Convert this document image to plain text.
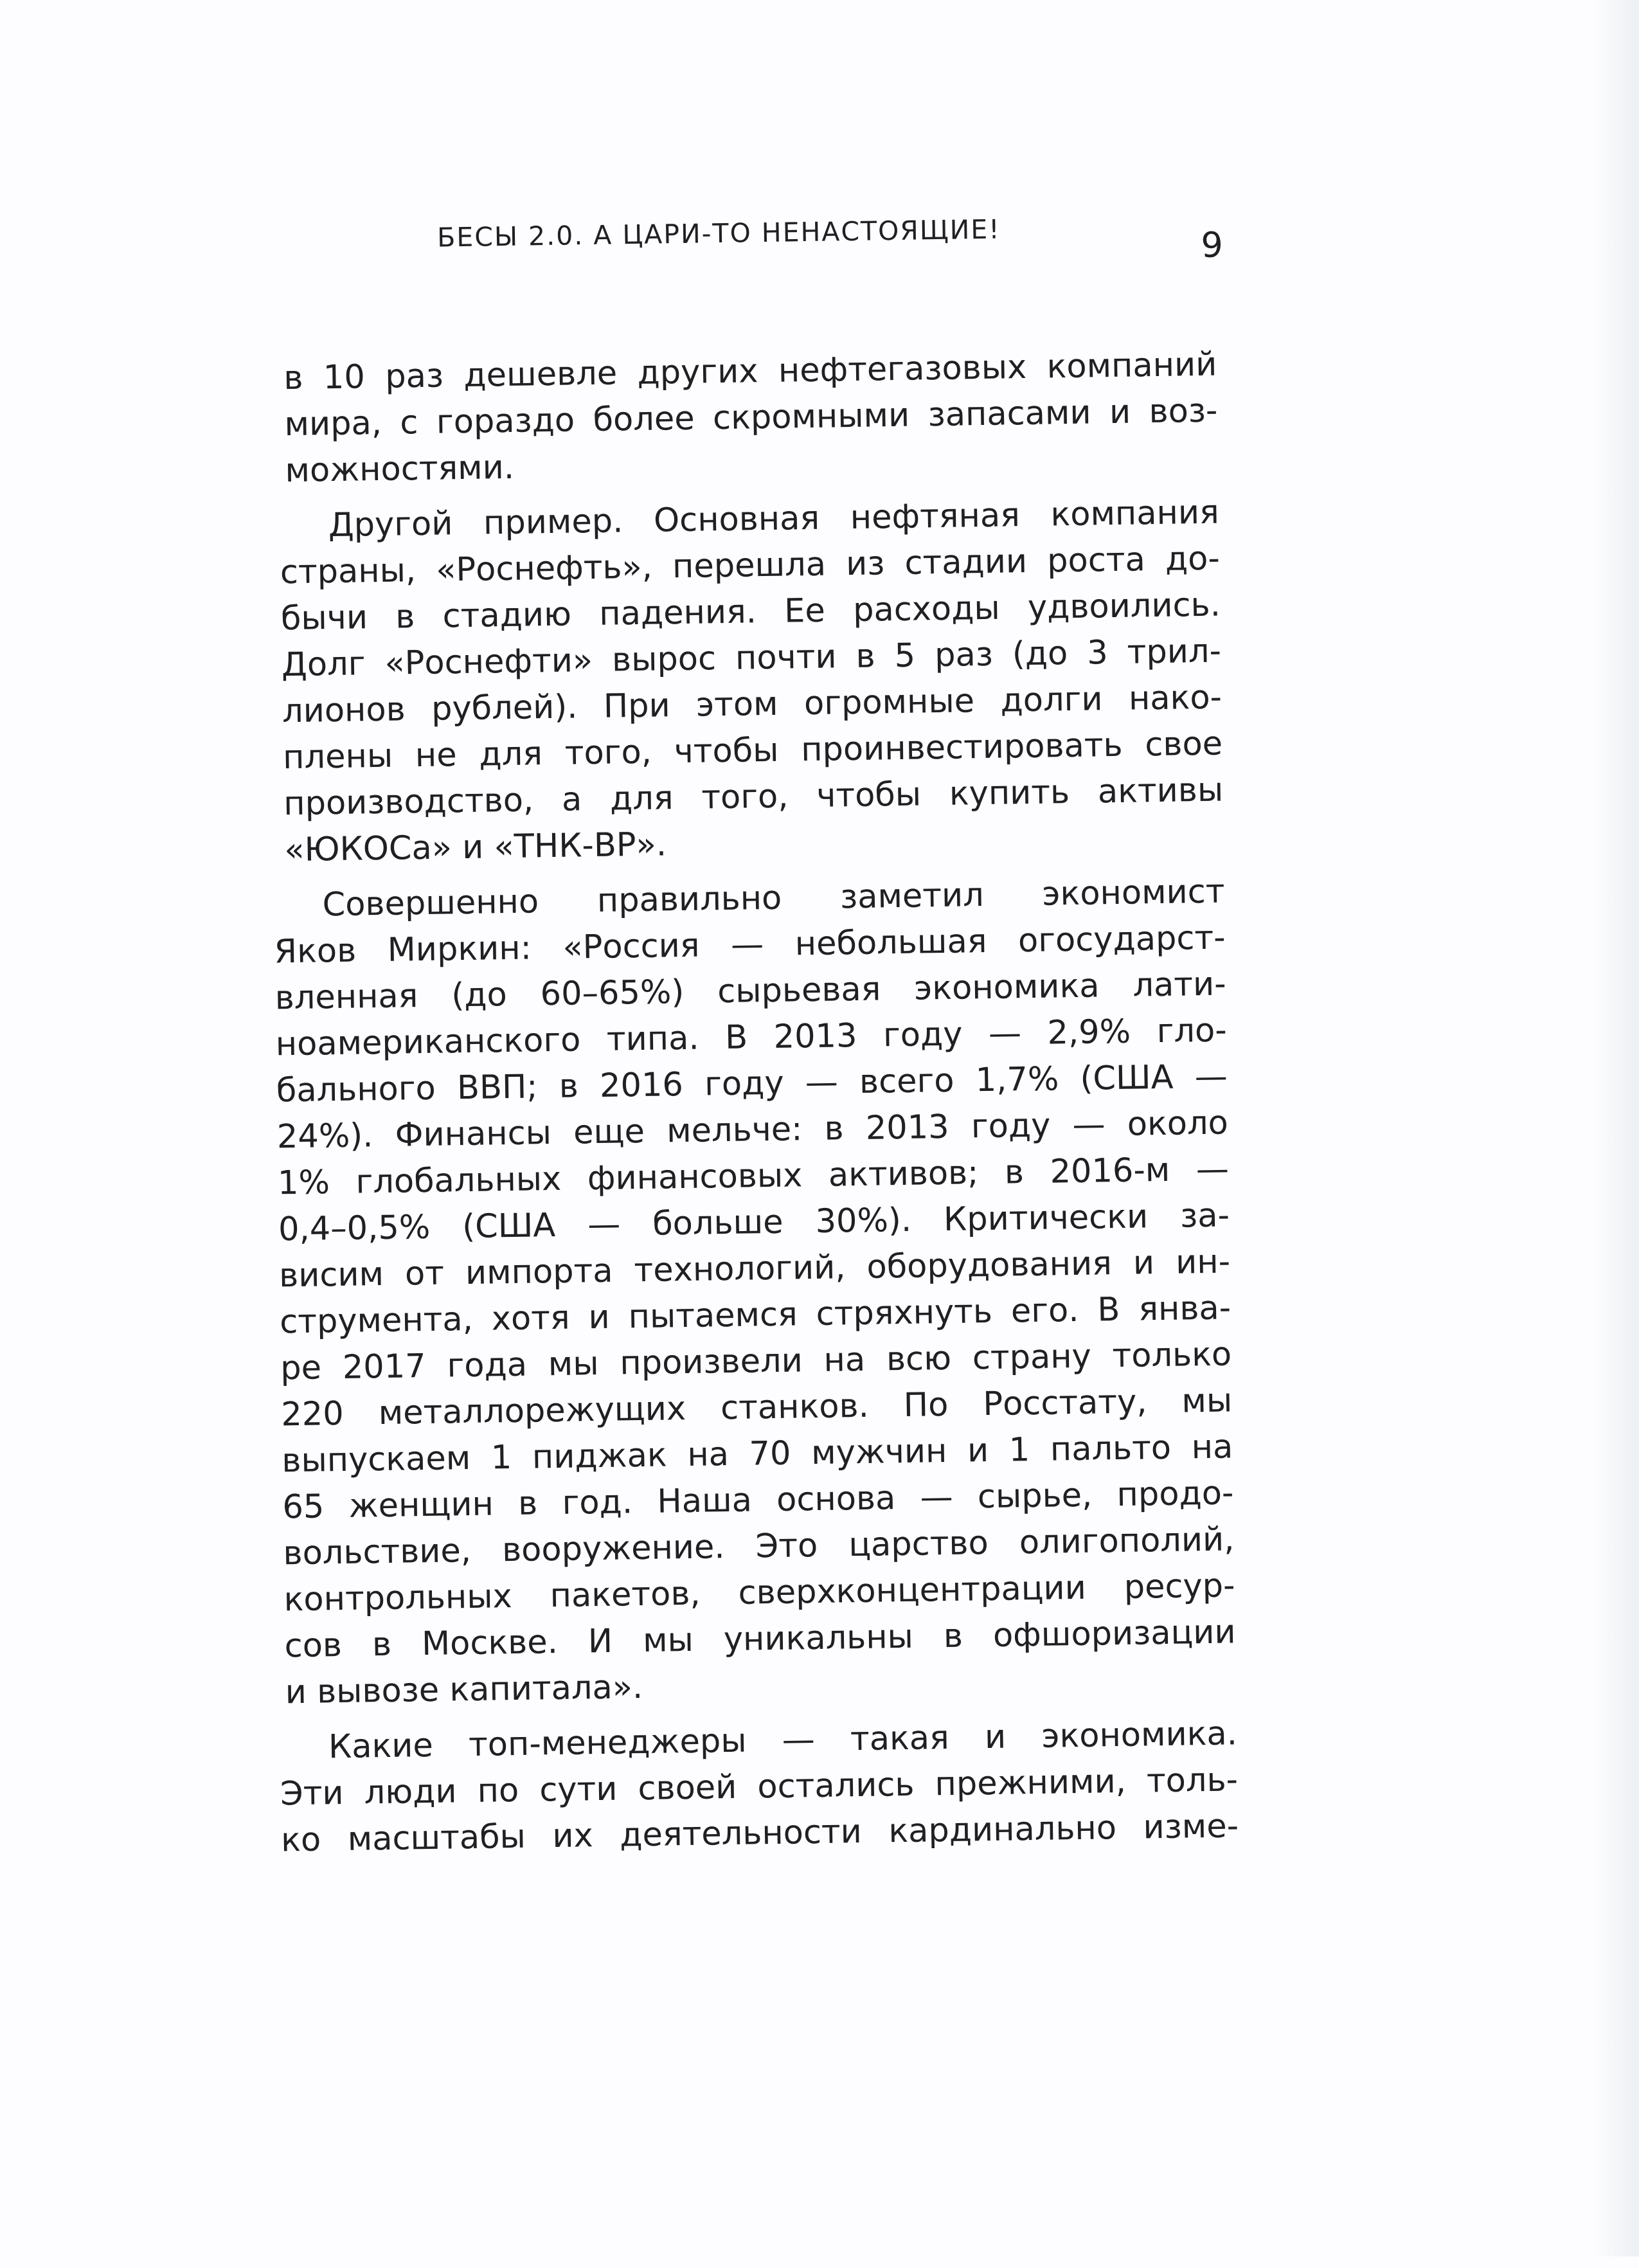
БЕСЫ 2.0. А ЦАРИ-ТО НЕНАСТОЯЩИЕ!	9

в 10 раз дешевле других нефтегазовых компаний
мира, с гораздо более скромными запасами и воз-
можностями.

Другой пример. Основная нефтяная компания
страны, «Роснефть», перешла из стадии роста до-
бычи в стадию падения. Ее расходы удвоились.
Долг «Роснефти» вырос почти в 5 раз (до 3 трил-
лионов рублей). При этом огромные долги нако-
плены не для того, чтобы проинвестировать свое
производство, а для того, чтобы купить активы
«ЮКОСа» и «ТНК-ВР».

Совершенно правильно заметил экономист
Яков Миркин: «Россия — небольшая огосударст-
вленная (до 60–65%) сырьевая экономика лати-
ноамериканского типа. В 2013 году — 2,9% гло-
бального ВВП; в 2016 году — всего 1,7% (США —
24%). Финансы еще мельче: в 2013 году — около
1% глобальных финансовых активов; в 2016-м —
0,4–0,5% (США — больше 30%). Критически за-
висим от импорта технологий, оборудования и ин-
струмента, хотя и пытаемся стряхнуть его. В янва-
ре 2017 года мы произвели на всю страну только
220 металлорежущих станков. По Росстату, мы
выпускаем 1 пиджак на 70 мужчин и 1 пальто на
65 женщин в год. Наша основа — сырье, продо-
вольствие, вооружение. Это царство олигополий,
контрольных пакетов, сверхконцентрации ресур-
сов в Москве. И мы уникальны в офшоризации
и вывозе капитала».

Какие топ-менеджеры — такая и экономика.
Эти люди по сути своей остались прежними, толь-
ко масштабы их деятельности кардинально изме-
